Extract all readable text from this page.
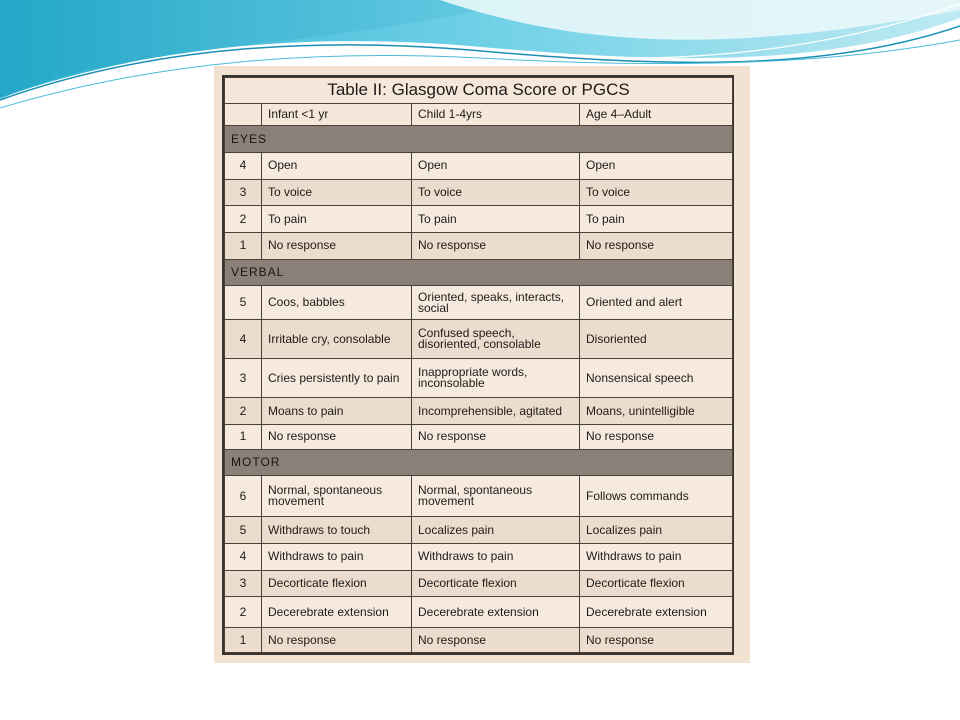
Table II: Glasgow Coma Score or PGCS			
	Infant <1 yr	Child 1-4yrs	Age 4–Adult
EYES			
4	Open	Open	Open
3	To voice	To voice	To voice
2	To pain	To pain	To pain
1	No response	No response	No response
VERBAL			
5	Coos, babbles	Oriented, speaks, interacts, social	Oriented and alert
4	Irritable cry, consolable	Confused speech, disoriented, consolable	Disoriented
3	Cries persistently to pain	Inappropriate words, inconsolable	Nonsensical speech
2	Moans to pain	Incomprehensible, agitated	Moans, unintelligible
1	No response	No response	No response
MOTOR			
6	Normal, spontaneous movement	Normal, spontaneous movement	Follows commands
5	Withdraws to touch	Localizes pain	Localizes pain
4	Withdraws to pain	Withdraws to pain	Withdraws to pain
3	Decorticate flexion	Decorticate flexion	Decorticate flexion
2	Decerebrate extension	Decerebrate extension	Decerebrate extension
1	No response	No response	No response
